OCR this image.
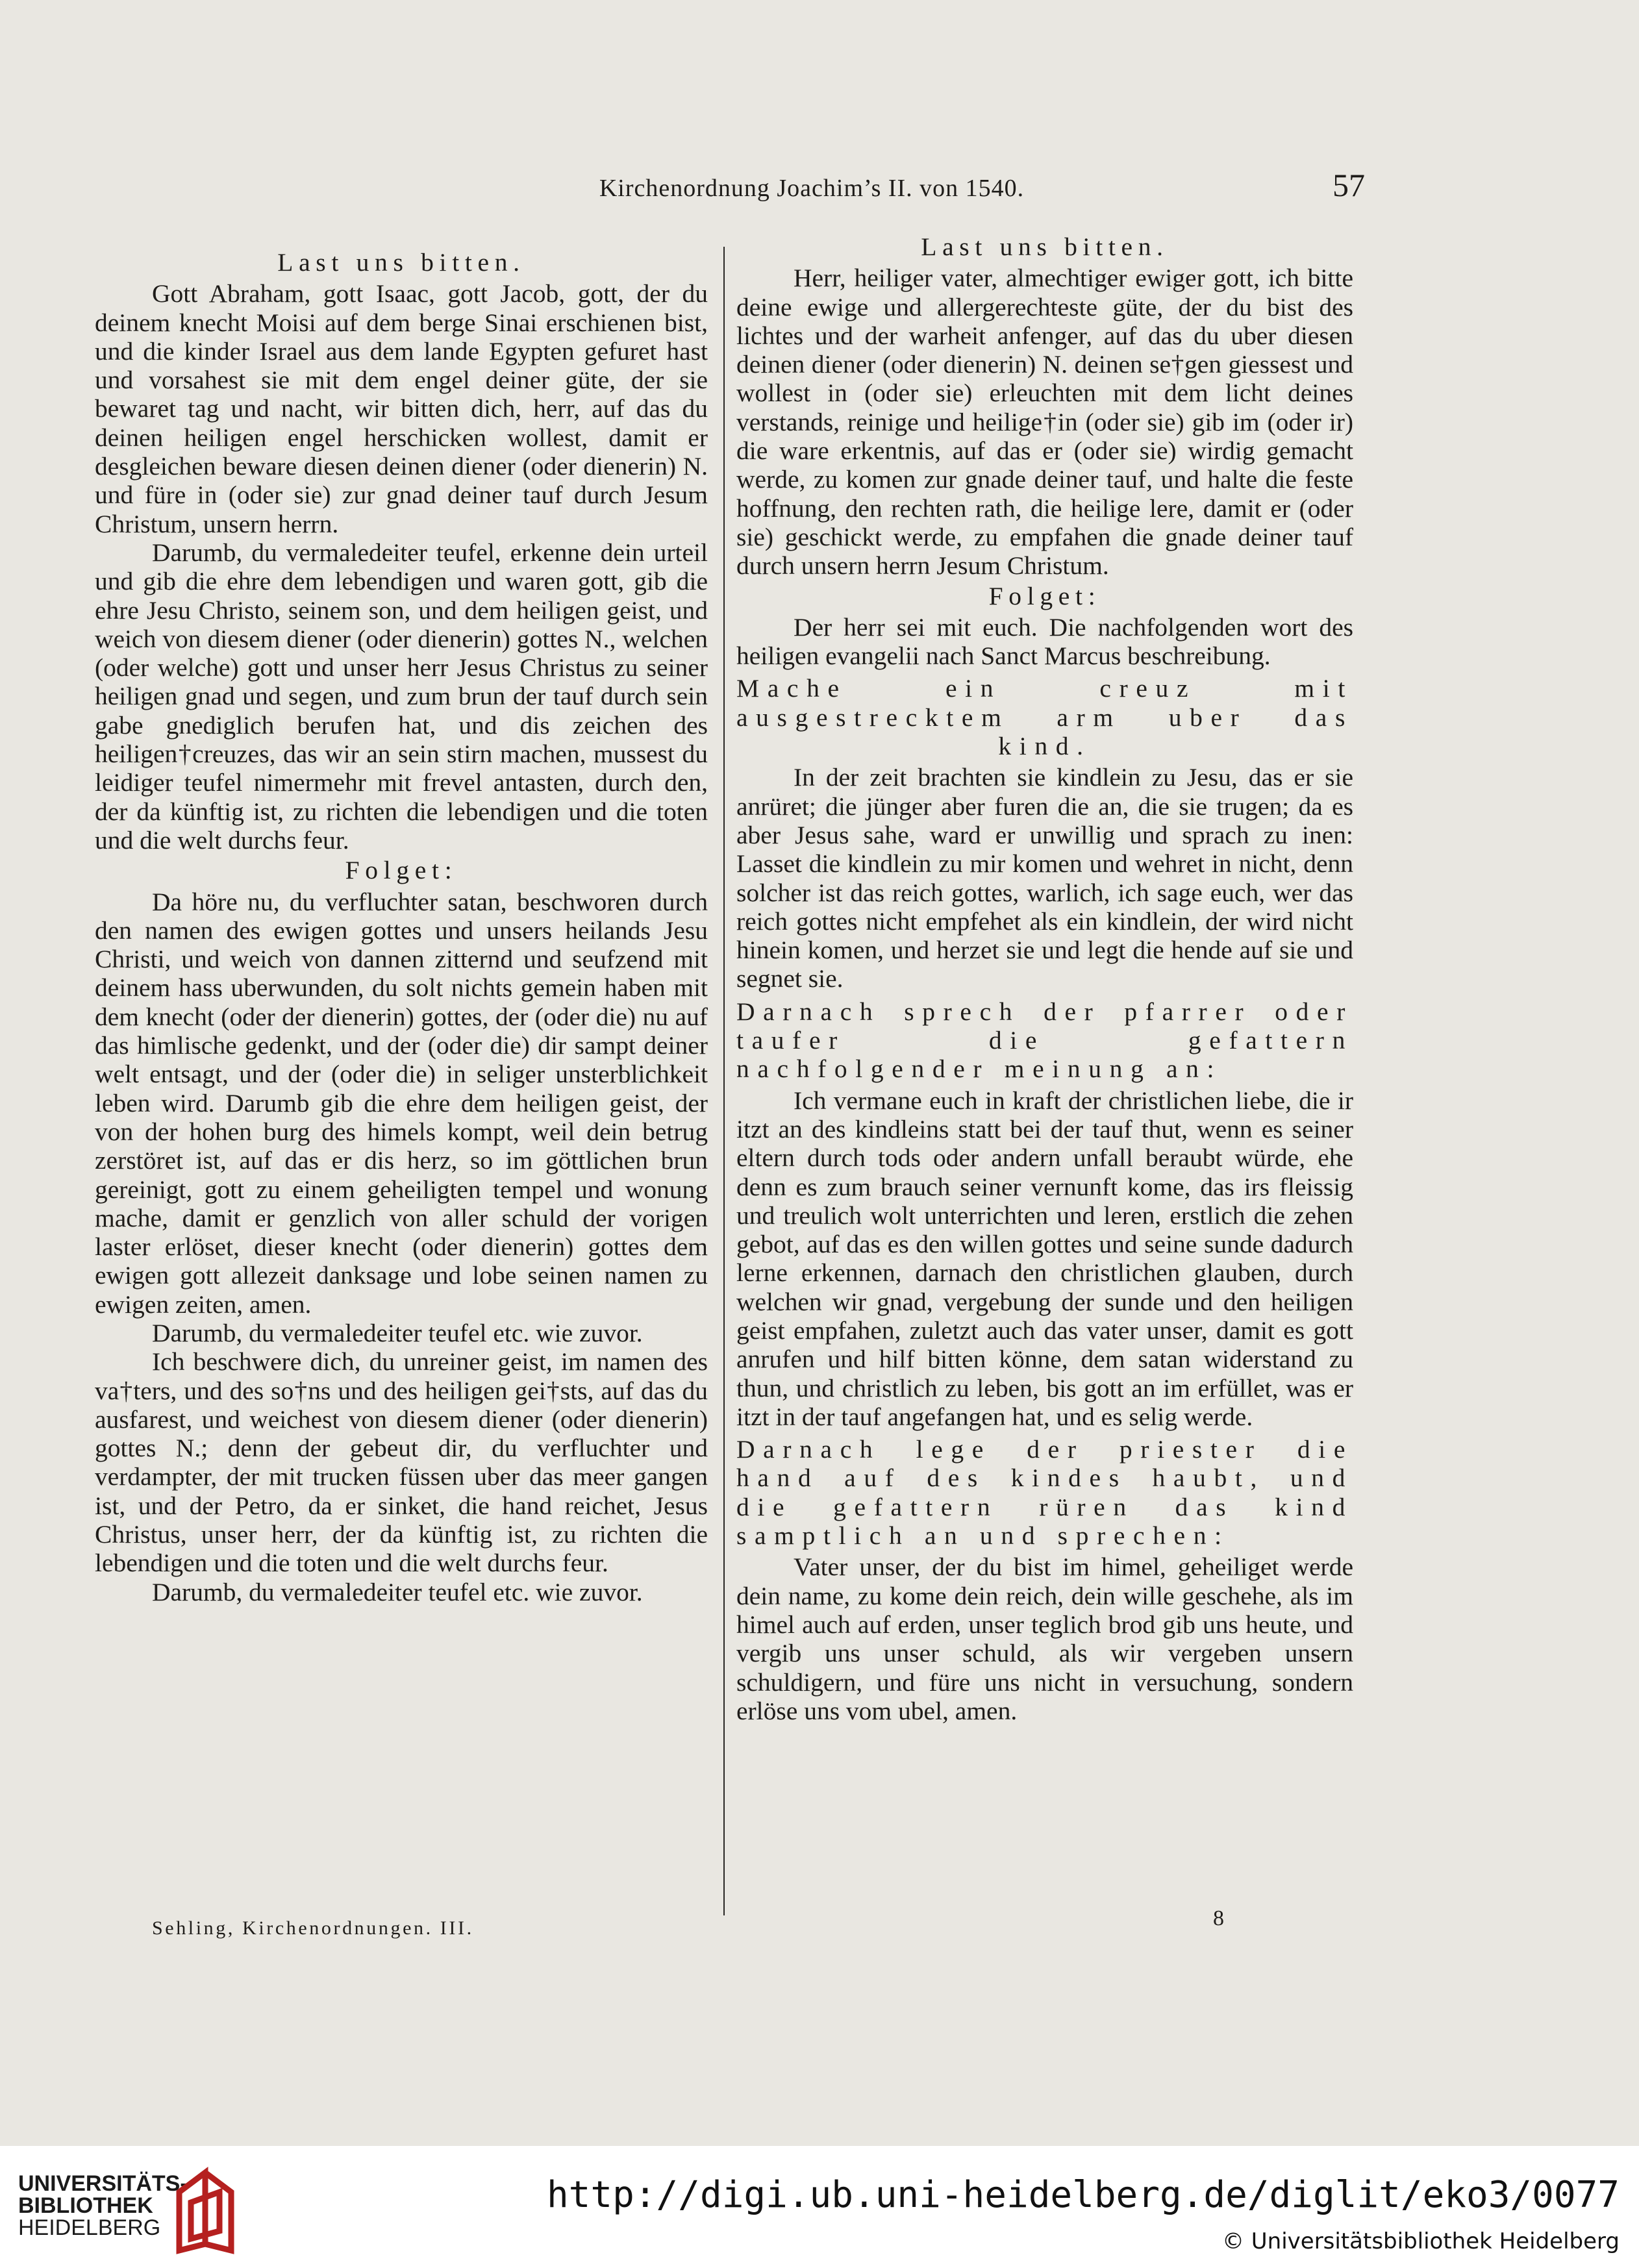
Kirchenordnung Joachim’s II. von 1540.	57

Last uns bitten.

Gott Abraham, gott Isaac, gott Jacob, gott, der du deinem knecht Moisi auf dem berge Sinai erschienen bist, und die kinder Israel aus dem lande Egypten gefuret hast und vorsahest sie mit dem engel deiner güte, der sie bewaret tag und nacht, wir bitten dich, herr, auf das du deinen heiligen engel herschicken wollest, damit er desgleichen beware diesen deinen diener (oder dienerin) N. und füre in (oder sie) zur gnad deiner tauf durch Jesum Christum, unsern herrn.

Darumb, du vermaledeiter teufel, erkenne dein urteil und gib die ehre dem lebendigen und waren gott, gib die ehre Jesu Christo, seinem son, und dem heiligen geist, und weich von diesem diener (oder dienerin) gottes N., welchen (oder welche) gott und unser herr Jesus Christus zu seiner heiligen gnad und segen, und zum brun der tauf durch sein gabe gnediglich berufen hat, und dis zeichen des heiligen†creuzes, das wir an sein stirn machen, mussest du leidiger teufel nimermehr mit frevel antasten, durch den, der da künftig ist, zu richten die lebendigen und die toten und die welt durchs feur.

Folget:

Da höre nu, du verfluchter satan, beschworen durch den namen des ewigen gottes und unsers heilands Jesu Christi, und weich von dannen zitternd und seufzend mit deinem hass uberwunden, du solt nichts gemein haben mit dem knecht (oder der dienerin) gottes, der (oder die) nu auf das himlische gedenkt, und der (oder die) dir sampt deiner welt entsagt, und der (oder die) in seliger unsterblichkeit leben wird. Darumb gib die ehre dem heiligen geist, der von der hohen burg des himels kompt, weil dein betrug zerstöret ist, auf das er dis herz, so im göttlichen brun gereinigt, gott zu einem geheiligten tempel und wonung mache, damit er genzlich von aller schuld der vorigen laster erlöset, dieser knecht (oder dienerin) gottes dem ewigen gott allezeit danksage und lobe seinen namen zu ewigen zeiten, amen.

Darumb, du vermaledeiter teufel etc. wie zuvor.

Ich beschwere dich, du unreiner geist, im namen des va†ters, und des so†ns und des heiligen gei†sts, auf das du ausfarest, und weichest von diesem diener (oder dienerin) gottes N.; denn der gebeut dir, du verfluchter und verdampter, der mit trucken füssen uber das meer gangen ist, und der Petro, da er sinket, die hand reichet, Jesus Christus, unser herr, der da künftig ist, zu richten die lebendigen und die toten und die welt durchs feur.

Darumb, du vermaledeiter teufel etc. wie zuvor.

Last uns bitten.

Herr, heiliger vater, almechtiger ewiger gott, ich bitte deine ewige und allergerechteste güte, der du bist des lichtes und der warheit anfenger, auf das du uber diesen deinen diener (oder dienerin) N. deinen se†gen giessest und wollest in (oder sie) erleuchten mit dem licht deines verstands, reinige und heilige†in (oder sie) gib im (oder ir) die ware erkentnis, auf das er (oder sie) wirdig gemacht werde, zu komen zur gnade deiner tauf, und halte die feste hoffnung, den rechten rath, die heilige lere, damit er (oder sie) geschickt werde, zu empfahen die gnade deiner tauf durch unsern herrn Jesum Christum.

Folget:

Der herr sei mit euch. Die nachfolgenden wort des heiligen evangelii nach Sanct Marcus beschreibung.

Mache ein creuz mit ausgestrecktem arm uber das kind.

In der zeit brachten sie kindlein zu Jesu, das er sie anrüret; die jünger aber furen die an, die sie trugen; da es aber Jesus sahe, ward er unwillig und sprach zu inen: Lasset die kindlein zu mir komen und wehret in nicht, denn solcher ist das reich gottes, warlich, ich sage euch, wer das reich gottes nicht empfehet als ein kindlein, der wird nicht hinein komen, und herzet sie und legt die hende auf sie und segnet sie.

Darnach sprech der pfarrer oder taufer die gefattern nachfolgender meinung an:

Ich vermane euch in kraft der christlichen liebe, die ir itzt an des kindleins statt bei der tauf thut, wenn es seiner eltern durch tods oder andern unfall beraubt würde, ehe denn es zum brauch seiner vernunft kome, das irs fleissig und treulich wolt unterrichten und leren, erstlich die zehen gebot, auf das es den willen gottes und seine sunde dadurch lerne erkennen, darnach den christlichen glauben, durch welchen wir gnad, vergebung der sunde und den heiligen geist empfahen, zuletzt auch das vater unser, damit es gott anrufen und hilf bitten könne, dem satan widerstand zu thun, und christlich zu leben, bis gott an im erfüllet, was er itzt in der tauf angefangen hat, und es selig werde.

Darnach lege der priester die hand auf des kindes haubt, und die gefattern rüren das kind samptlich an und sprechen:

Vater unser, der du bist im himel, geheiliget werde dein name, zu kome dein reich, dein wille geschehe, als im himel auch auf erden, unser teglich brod gib uns heute, und vergib uns unser schuld, als wir vergeben unsern schuldigern, und füre uns nicht in versuchung, sondern erlöse uns vom ubel, amen.

Sehling, Kirchenordnungen. III.	8
UNIVERSITÄTS-
BIBLIOTHEK
HEIDELBERG
http://digi.ub.uni-heidelberg.de/diglit/eko3/0077
© Universitätsbibliothek Heidelberg
